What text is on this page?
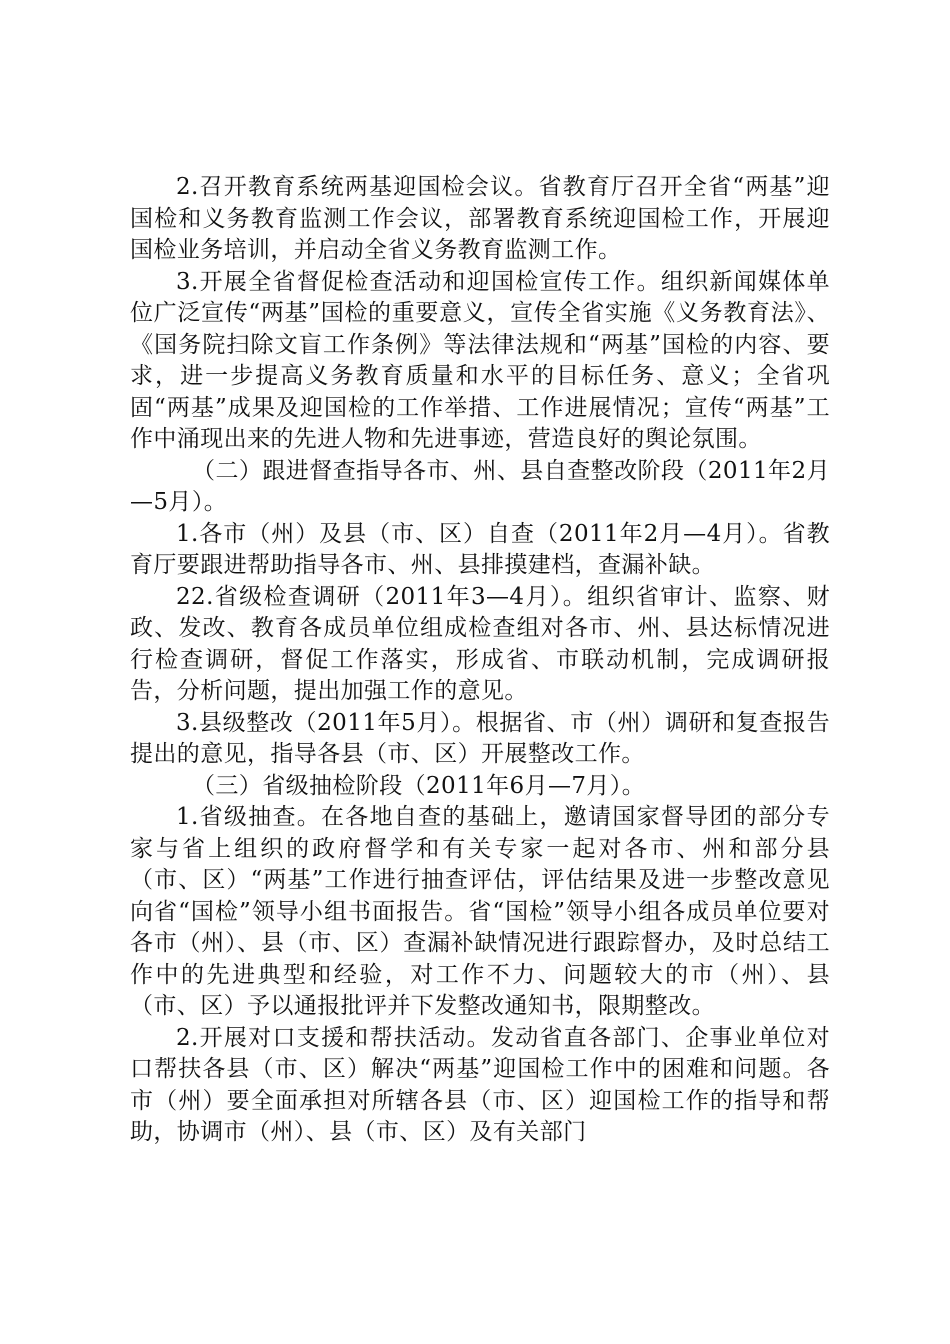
2.召开教育系统两基迎国检会议。省教育厅召开全省“两基”迎国检和义务教育监测工作会议，部署教育系统迎国检工作，开展迎国检业务培训，并启动全省义务教育监测工作。

3.开展全省督促检查活动和迎国检宣传工作。组织新闻媒体单位广泛宣传“两基”国检的重要意义，宣传全省实施《义务教育法》、《国务院扫除文盲工作条例》等法律法规和“两基”国检的内容、要求，进一步提高义务教育质量和水平的目标任务、意义；全省巩固“两基”成果及迎国检的工作举措、工作进展情况；宣传“两基”工作中涌现出来的先进人物和先进事迹，营造良好的舆论氛围。

（二）跟进督查指导各市、州、县自查整改阶段（2011年2月—5月）。

1.各市（州）及县（市、区）自查（2011年2月—4月）。省教育厅要跟进帮助指导各市、州、县排摸建档，查漏补缺。

22.省级检查调研（2011年3—4月）。组织省审计、监察、财政、发改、教育各成员单位组成检查组对各市、州、县达标情况进行检查调研，督促工作落实，形成省、市联动机制，完成调研报告，分析问题，提出加强工作的意见。

3.县级整改（2011年5月）。根据省、市（州）调研和复查报告提出的意见，指导各县（市、区）开展整改工作。

（三）省级抽检阶段（2011年6月—7月）。

1.省级抽查。在各地自查的基础上，邀请国家督导团的部分专家与省上组织的政府督学和有关专家一起对各市、州和部分县（市、区）“两基”工作进行抽查评估，评估结果及进一步整改意见向省“国检”领导小组书面报告。省“国检”领导小组各成员单位要对各市（州）、县（市、区）查漏补缺情况进行跟踪督办，及时总结工作中的先进典型和经验，对工作不力、问题较大的市（州）、县（市、区）予以通报批评并下发整改通知书，限期整改。

2.开展对口支援和帮扶活动。发动省直各部门、企事业单位对口帮扶各县（市、区）解决“两基”迎国检工作中的困难和问题。各市（州）要全面承担对所辖各县（市、区）迎国检工作的指导和帮助，协调市（州）、县（市、区）及有关部门
